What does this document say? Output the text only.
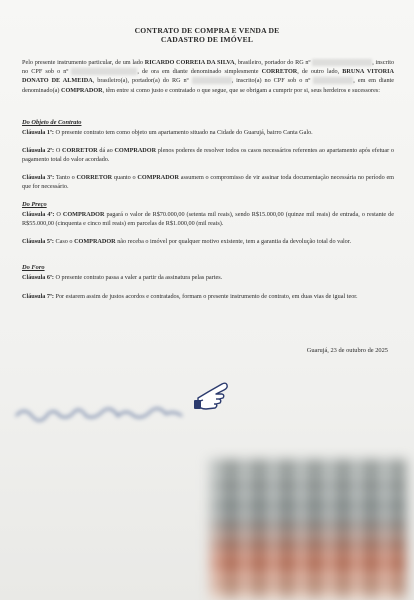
CONTRATO DE COMPRA E VENDA DE
CADASTRO DE IMÓVEL
Pelo presente instrumento particular, de um lado RICARDO CORREIA DA SILVA, brasileiro, portador do RG nº	, inscrito no CPF sob o nº	, de ora em diante denominado simplesmente CORRETOR, de outro lado, BRUNA VITORIA DONATO DE ALMEIDA, brasileiro(a), portador(a) do RG nº	, inscrito(a) no CPF sob o nº	, em em diante denominado(a) COMPRADOR, têm entre si como justo e contratado o que segue, que se obrigam a cumprir por si, seus herdeiros e sucessores:
Do Objeto de Contrato
Cláusula 1ª: O presente contrato tem como objeto um apartamento situado na Cidade do Guarujá, bairro Canta Galo.
Cláusula 2ª: O CORRETOR dá ao COMPRADOR plenos poderes de resolver todos os casos necessários referentes ao apartamento após efetuar o pagamento total do valor acordado.
Cláusula 3ª: Tanto o CORRETOR quanto o COMPRADOR assumem o compromisso de vir assinar toda documentação necessária no período em que for necessário.
Do Preço
Cláusula 4ª: O COMPRADOR pagará o valor de R$70.000,00 (setenta mil reais), sendo R$15.000,00 (quinze mil reais) de entrada, o restante de R$55.000,00 (cinquenta e cinco mil reais) em parcelas de R$1.000,00 (mil reais).
Cláusula 5ª: Caso o COMPRADOR não receba o imóvel por qualquer motivo existente, tem a garantia da devolução total do valor.
Do Foro
Cláusula 6ª: O presente contrato passa a valer a partir da assinatura pelas partes.
Cláusula 7ª: Por estarem assim de justos acordos e contratados, formam o presente instrumento de contrato, em duas vias de igual teor.
Guarujá, 23 de outubro de 2025
